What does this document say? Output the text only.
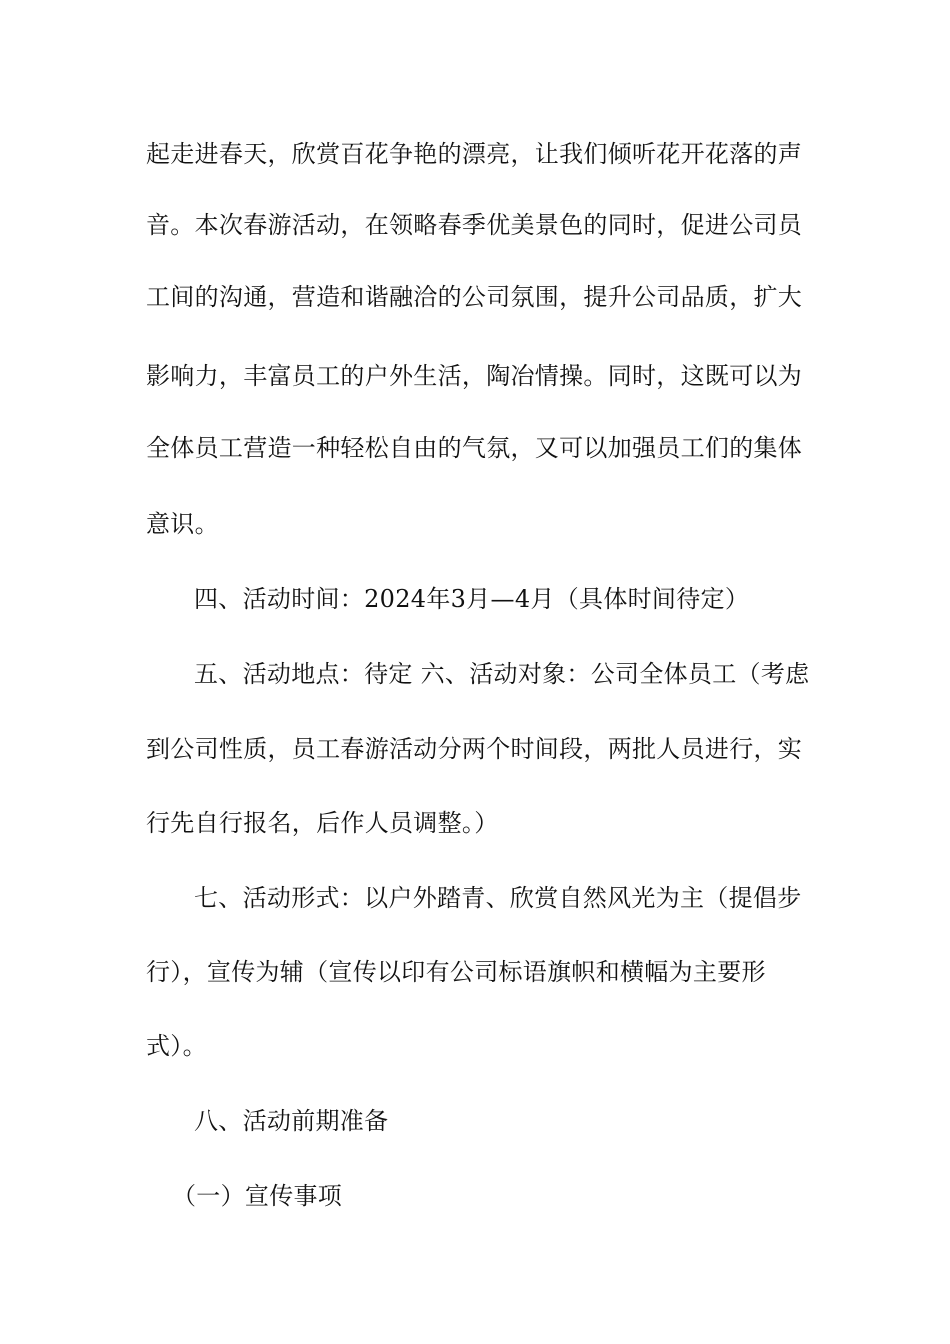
起走进春天，欣赏百花争艳的漂亮，让我们倾听花开花落的声
音。本次春游活动，在领略春季优美景色的同时，促进公司员
工间的沟通，营造和谐融洽的公司氛围，提升公司品质，扩大
影响力，丰富员工的户外生活，陶冶情操。同时，这既可以为
全体员工营造一种轻松自由的气氛，又可以加强员工们的集体
意识。
四、活动时间：2024年3月—4月（具体时间待定）
五、活动地点：待定 六、活动对象：公司全体员工（考虑
到公司性质，员工春游活动分两个时间段，两批人员进行，实
行先自行报名，后作人员调整。）
七、活动形式：以户外踏青、欣赏自然风光为主（提倡步
行），宣传为辅（宣传以印有公司标语旗帜和横幅为主要形
式）。
八、活动前期准备
（一）宣传事项
